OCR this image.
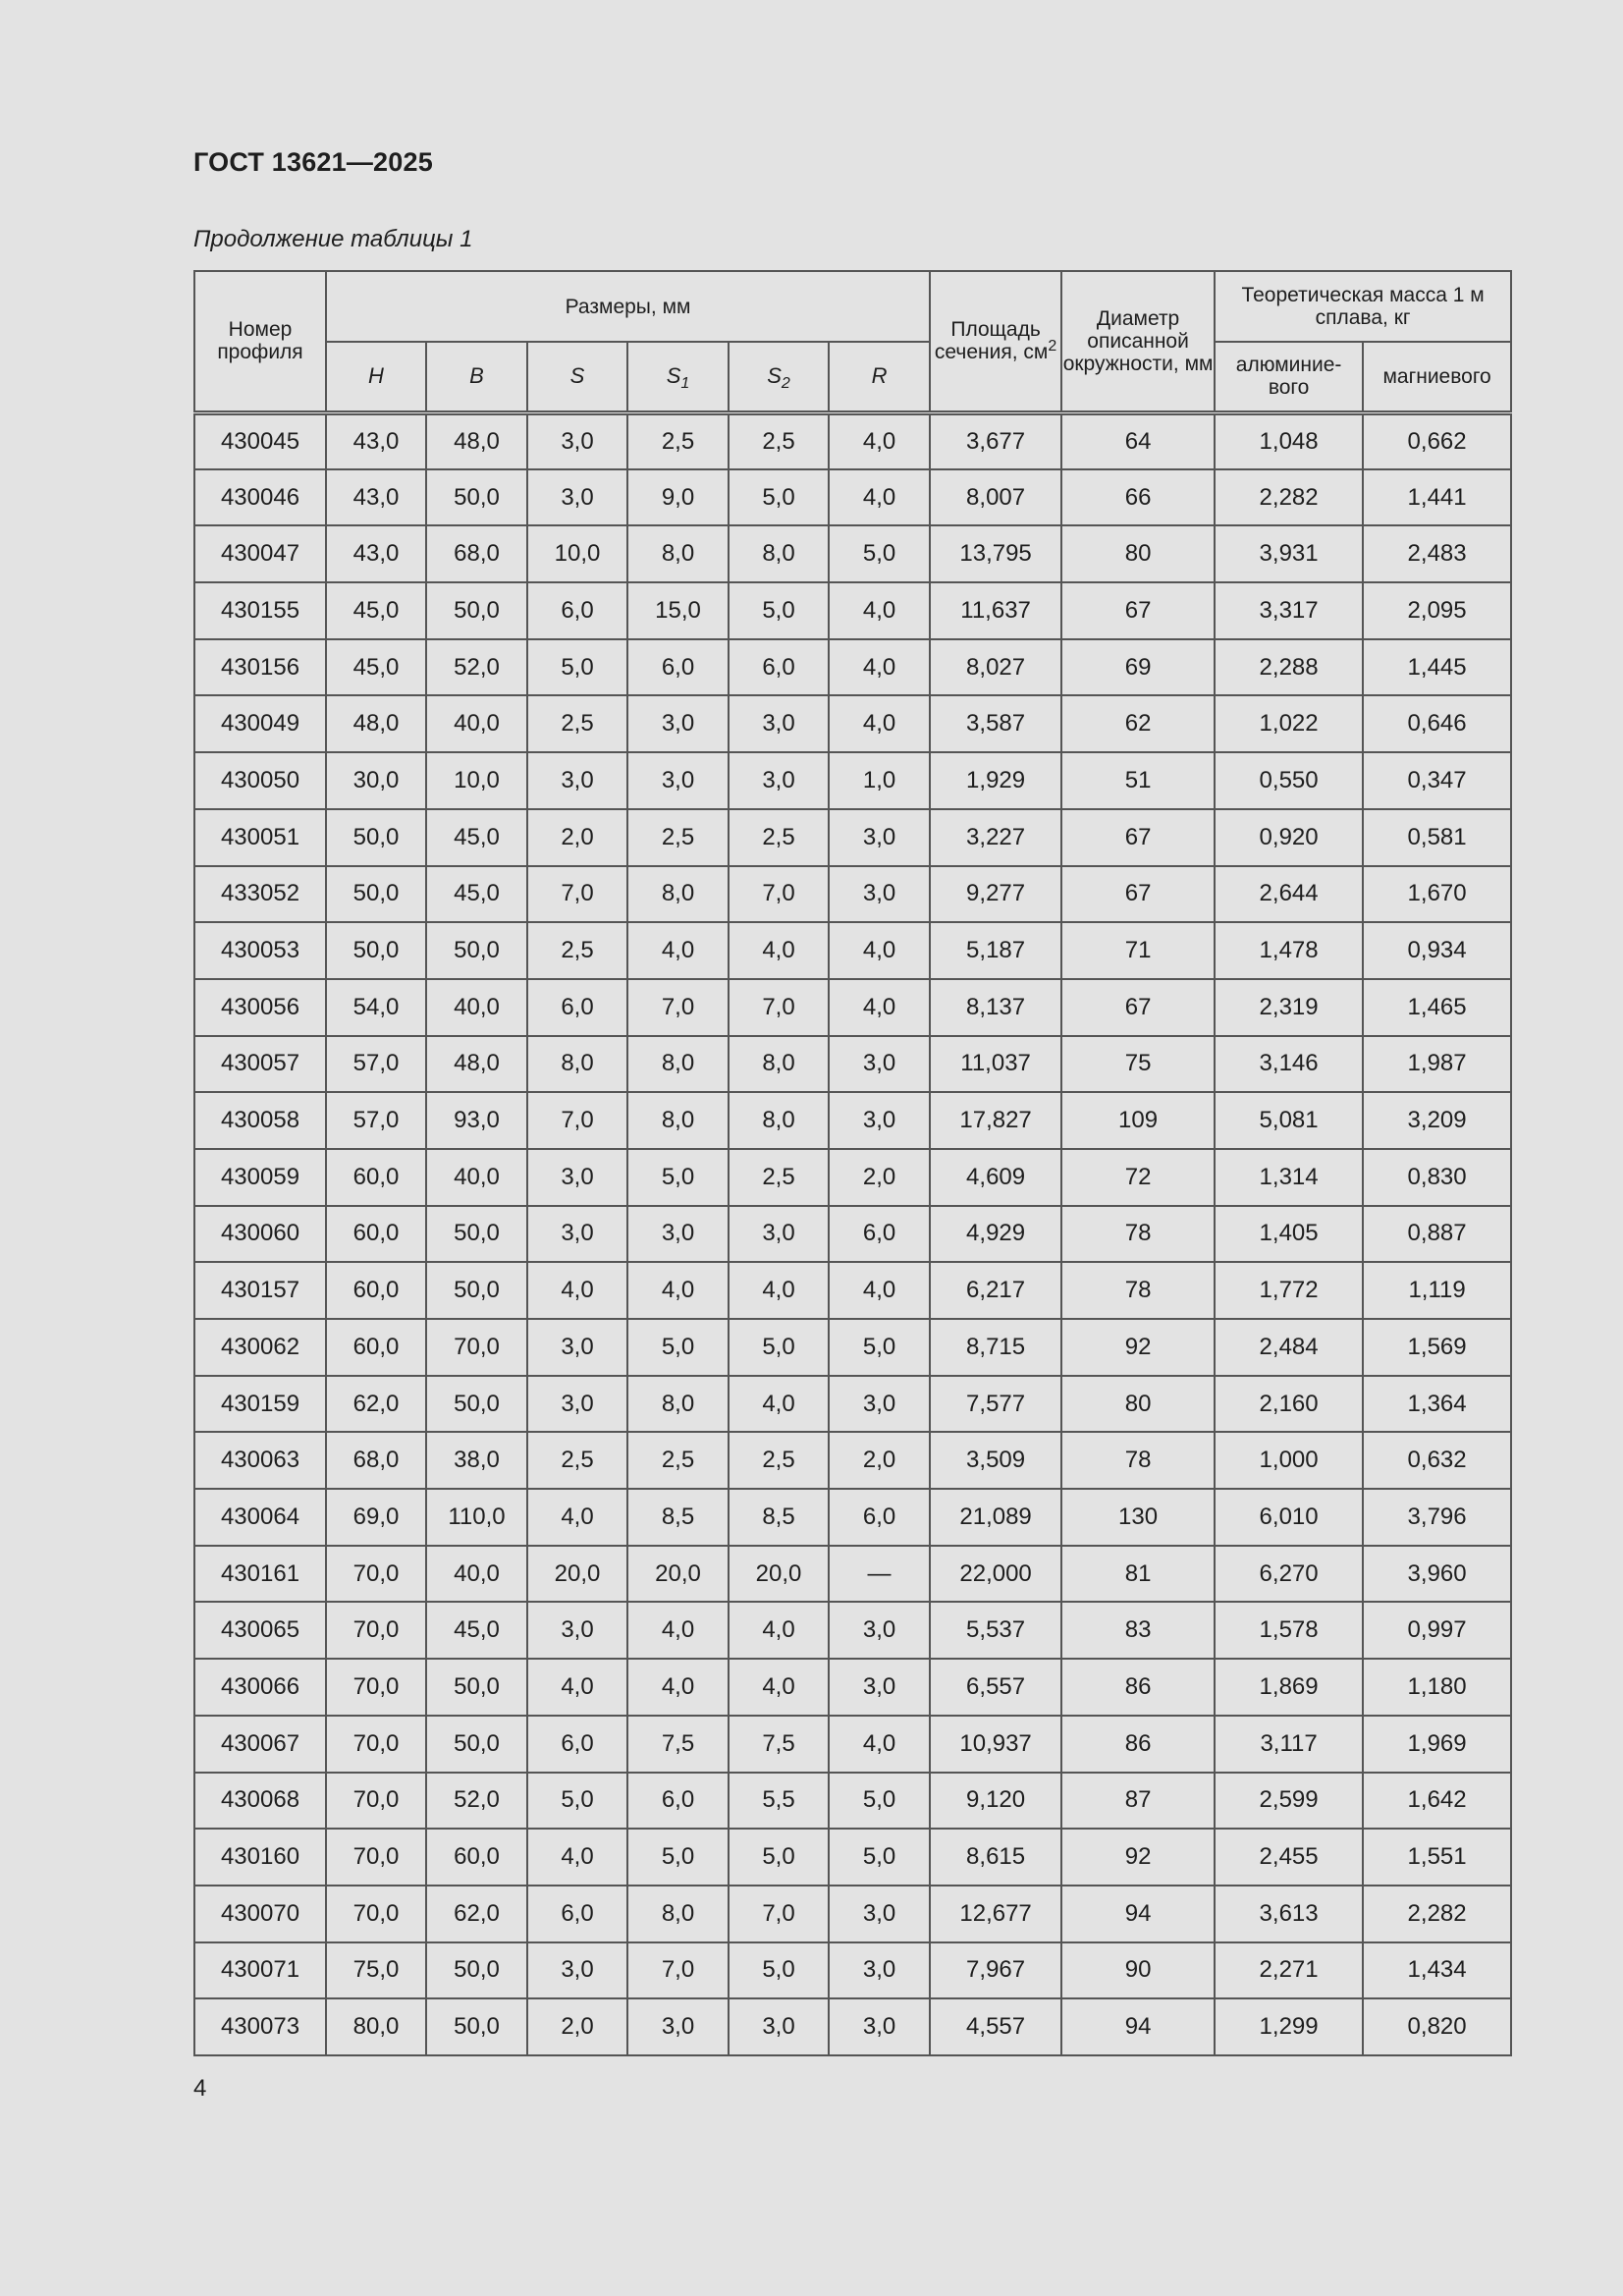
ГОСТ 13621—2025
Продолжение таблицы 1
Номер профиля	Размеры, мм						Площадь сечения, $см^2$	Диаметр описанной окружности, мм	Теоретическая масса 1 м сплава, кг	
	H	B	S	$S_1$	$S_2$	R			алюминие-вого	магниевого
430045	43,0	48,0	3,0	2,5	2,5	4,0	3,677	64	1,048	0,662
430046	43,0	50,0	3,0	9,0	5,0	4,0	8,007	66	2,282	1,441
430047	43,0	68,0	10,0	8,0	8,0	5,0	13,795	80	3,931	2,483
430155	45,0	50,0	6,0	15,0	5,0	4,0	11,637	67	3,317	2,095
430156	45,0	52,0	5,0	6,0	6,0	4,0	8,027	69	2,288	1,445
430049	48,0	40,0	2,5	3,0	3,0	4,0	3,587	62	1,022	0,646
430050	30,0	10,0	3,0	3,0	3,0	1,0	1,929	51	0,550	0,347
430051	50,0	45,0	2,0	2,5	2,5	3,0	3,227	67	0,920	0,581
433052	50,0	45,0	7,0	8,0	7,0	3,0	9,277	67	2,644	1,670
430053	50,0	50,0	2,5	4,0	4,0	4,0	5,187	71	1,478	0,934
430056	54,0	40,0	6,0	7,0	7,0	4,0	8,137	67	2,319	1,465
430057	57,0	48,0	8,0	8,0	8,0	3,0	11,037	75	3,146	1,987
430058	57,0	93,0	7,0	8,0	8,0	3,0	17,827	109	5,081	3,209
430059	60,0	40,0	3,0	5,0	2,5	2,0	4,609	72	1,314	0,830
430060	60,0	50,0	3,0	3,0	3,0	6,0	4,929	78	1,405	0,887
430157	60,0	50,0	4,0	4,0	4,0	4,0	6,217	78	1,772	1,119
430062	60,0	70,0	3,0	5,0	5,0	5,0	8,715	92	2,484	1,569
430159	62,0	50,0	3,0	8,0	4,0	3,0	7,577	80	2,160	1,364
430063	68,0	38,0	2,5	2,5	2,5	2,0	3,509	78	1,000	0,632
430064	69,0	110,0	4,0	8,5	8,5	6,0	21,089	130	6,010	3,796
430161	70,0	40,0	20,0	20,0	20,0	—	22,000	81	6,270	3,960
430065	70,0	45,0	3,0	4,0	4,0	3,0	5,537	83	1,578	0,997
430066	70,0	50,0	4,0	4,0	4,0	3,0	6,557	86	1,869	1,180
430067	70,0	50,0	6,0	7,5	7,5	4,0	10,937	86	3,117	1,969
430068	70,0	52,0	5,0	6,0	5,5	5,0	9,120	87	2,599	1,642
430160	70,0	60,0	4,0	5,0	5,0	5,0	8,615	92	2,455	1,551
430070	70,0	62,0	6,0	8,0	7,0	3,0	12,677	94	3,613	2,282
430071	75,0	50,0	3,0	7,0	5,0	3,0	7,967	90	2,271	1,434
430073	80,0	50,0	2,0	3,0	3,0	3,0	4,557	94	1,299	0,820
4
